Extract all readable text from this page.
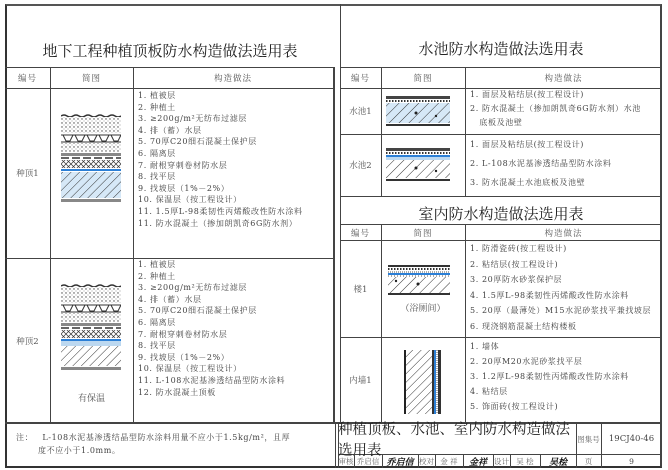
地下工程种植顶板防水构造做法选用表
编号	简图	构造做法
种顶1
1. 植被层
2. 种植土
3. ≥200g/m²无纺布过滤层
4. 排（蓄）水层
5. 70厚C20细石混凝土保护层
6. 隔离层
7. 耐根穿刺卷材防水层
8. 找平层
9. 找坡层（1%－2%）
10. 保温层（按工程设计）
11. 1.5厚L-98柔韧性丙烯酸改性防水涂料
11. 防水混凝土（掺加朗凯奇6G防水剂）
种顶2
有保温
1. 植被层
2. 种植土
3. ≥200g/m²无纺布过滤层
4. 排（蓄）水层
5. 70厚C20细石混凝土保护层
6. 隔离层
7. 耐根穿刺卷材防水层
8. 找平层
9. 找坡层（1%－2%）
10. 保温层（按工程设计）
11. L-108水泥基渗透结晶型防水涂料
12. 防水混凝土顶板
注： L-108水泥基渗透结晶型防水涂料用量不应小于1.5kg/m²，且厚
度不应小于1.0mm。
水池防水构造做法选用表
编号	简图	构造做法
水池1
1. 面层及粘结层(按工程设计)
2. 防水混凝土（掺加朗凯奇6G防水剂）水池
底板及池壁
水池2
1. 面层及粘结层(按工程设计)
2. L-108水泥基渗透结晶型防水涂料
3. 防水混凝土水池底板及池壁
室内防水构造做法选用表
编号	简图	构造做法
楼1
（浴厕间）
1. 防滑瓷砖(按工程设计)
2. 粘结层(按工程设计)
3. 20厚防水砂浆保护层
4. 1.5厚L-98柔韧性丙烯酸改性防水涂料
5. 20厚（最薄处）M15水泥砂浆找平兼找坡层
6. 现浇钢筋混凝土结构楼板
内墙1
1. 墙体
2. 20厚M20水泥砂浆找平层
3. 1.2厚L-98柔韧性丙烯酸改性防水涂料
4. 粘结层
5. 饰面砖(按工程设计)
种植顶板、水池、室内防水构造做法选用表
图集号	19CJ40-46
审核 乔启信 乔启信 校对 金 祥	金祥 设计 吴 桧	吴桧	页	9
